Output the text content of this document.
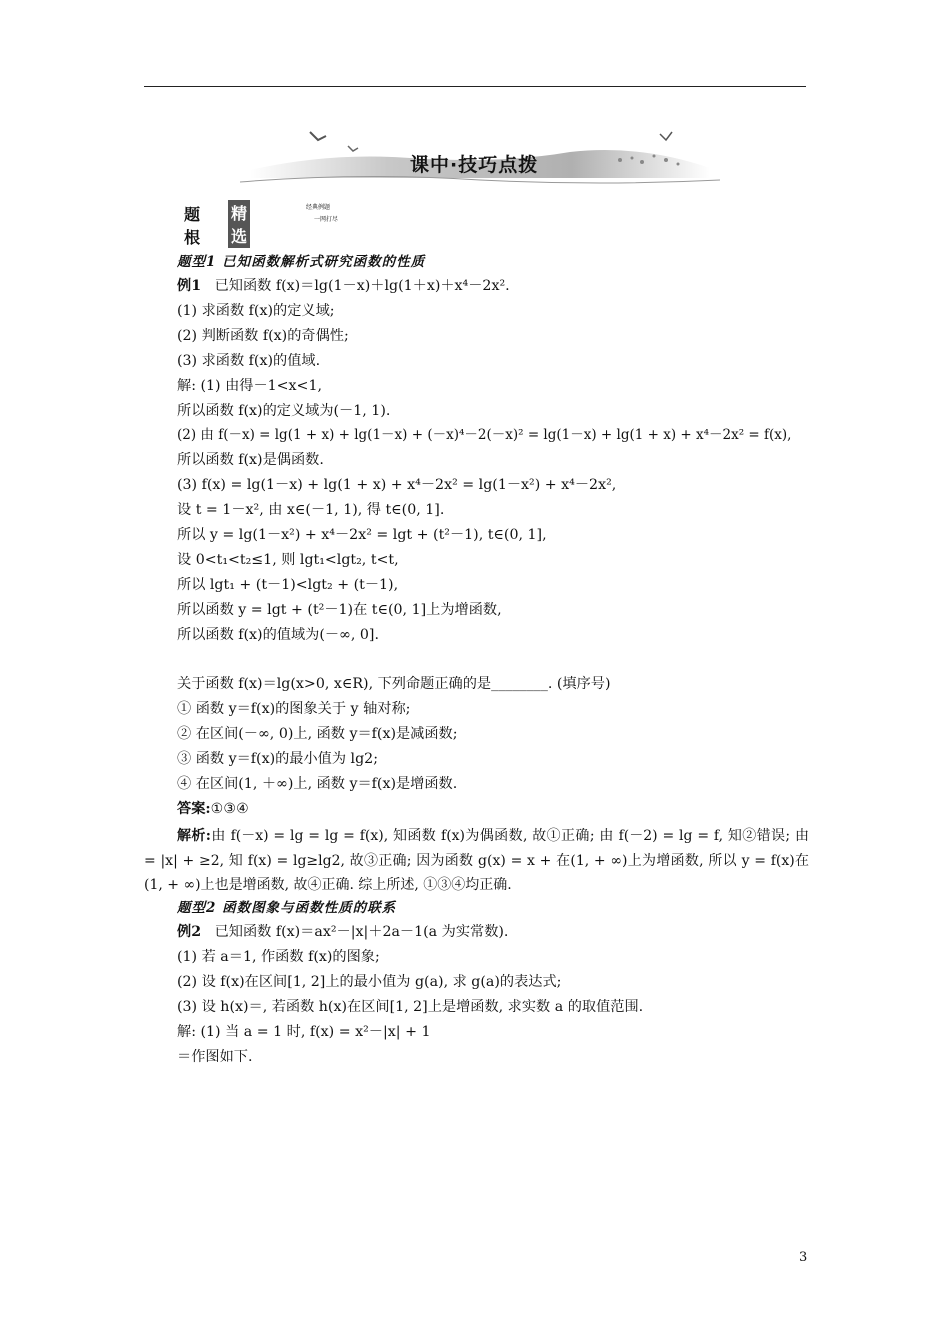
课中·技巧点拨
题根
精选
经典例题
一网打尽
题型1 已知函数解析式研究函数的性质
例1 已知函数 f(x)＝lg(1－x)＋lg(1＋x)＋x⁴－2x².
(1) 求函数 f(x)的定义域;
(2) 判断函数 f(x)的奇偶性;
(3) 求函数 f(x)的值域.
解: (1) 由得－1<x<1,
所以函数 f(x)的定义域为(－1, 1).
(2) 由 f(－x) = lg(1 + x) + lg(1－x) + (－x)⁴－2(－x)² = lg(1－x) + lg(1 + x) + x⁴－2x² = f(x),
所以函数 f(x)是偶函数.
(3) f(x) = lg(1－x) + lg(1 + x) + x⁴－2x² = lg(1－x²) + x⁴－2x²,
设 t = 1－x², 由 x∈(－1, 1), 得 t∈(0, 1].
所以 y = lg(1－x²) + x⁴－2x² = lgt + (t²－1), t∈(0, 1],
设 0<t₁<t₂≤1, 则 lgt₁<lgt₂, t<t,
所以 lgt₁ + (t－1)<lgt₂ + (t－1),
所以函数 y = lgt + (t²－1)在 t∈(0, 1]上为增函数,
所以函数 f(x)的值域为(－∞, 0].
关于函数 f(x)＝lg(x>0, x∈R), 下列命题正确的是________. (填序号)
① 函数 y＝f(x)的图象关于 y 轴对称;
② 在区间(－∞, 0)上, 函数 y＝f(x)是减函数;
③ 函数 y＝f(x)的最小值为 lg2;
④ 在区间(1, ＋∞)上, 函数 y＝f(x)是增函数.
答案:①③④
解析:由 f(－x) = lg = lg = f(x), 知函数 f(x)为偶函数, 故①正确; 由 f(－2) = lg = f, 知②错误; 由 = |x| + ≥2, 知 f(x) = lg≥lg2, 故③正确; 因为函数 g(x) = x + 在(1, + ∞)上为增函数, 所以 y = f(x)在(1, + ∞)上也是增函数, 故④正确. 综上所述, ①③④均正确.
题型2 函数图象与函数性质的联系
例2 已知函数 f(x)＝ax²－|x|＋2a－1(a 为实常数).
(1) 若 a＝1, 作函数 f(x)的图象;
(2) 设 f(x)在区间[1, 2]上的最小值为 g(a), 求 g(a)的表达式;
(3) 设 h(x)＝, 若函数 h(x)在区间[1, 2]上是增函数, 求实数 a 的取值范围.
解: (1) 当 a = 1 时, f(x) = x²－|x| + 1
＝作图如下.
3
